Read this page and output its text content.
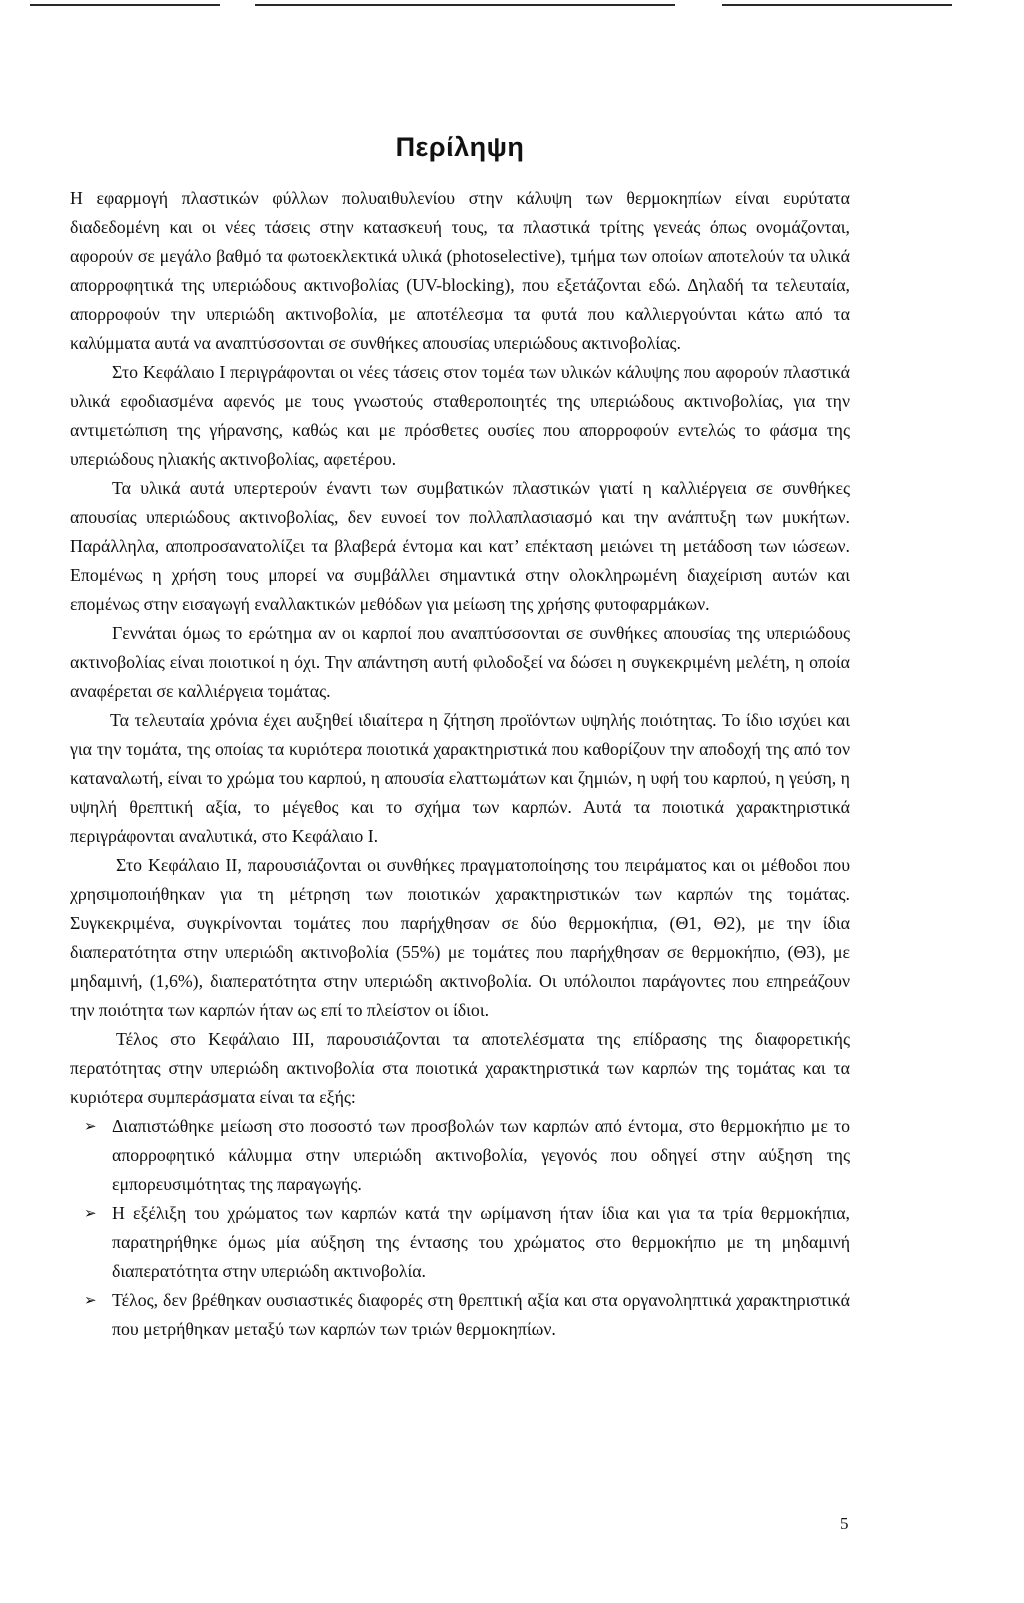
Περίληψη

Η εφαρμογή πλαστικών φύλλων πολυαιθυλενίου στην κάλυψη των θερμοκηπίων είναι ευρύτατα διαδεδομένη και οι νέες τάσεις στην κατασκευή τους, τα πλαστικά τρίτης γενεάς όπως ονομάζονται, αφορούν σε μεγάλο βαθμό τα φωτοεκλεκτικά υλικά (photoselective), τμήμα των οποίων αποτελούν τα υλικά απορροφητικά της υπεριώδους ακτινοβολίας (UV-blocking), που εξετάζονται εδώ. Δηλαδή τα τελευταία, απορροφούν την υπεριώδη ακτινοβολία, με αποτέλεσμα τα φυτά που καλλιεργούνται κάτω από τα καλύμματα αυτά να αναπτύσσονται σε συνθήκες απουσίας υπεριώδους ακτινοβολίας.

Στο Κεφάλαιο Ι περιγράφονται οι νέες τάσεις στον τομέα των υλικών κάλυψης που αφορούν πλαστικά υλικά εφοδιασμένα αφενός με τους γνωστούς σταθεροποιητές της υπεριώδους ακτινοβολίας, για την αντιμετώπιση της γήρανσης, καθώς και με πρόσθετες ουσίες που απορροφούν εντελώς το φάσμα της υπεριώδους ηλιακής ακτινοβολίας, αφετέρου.

Τα υλικά αυτά υπερτερούν έναντι των συμβατικών πλαστικών γιατί η καλλιέργεια σε συνθήκες απουσίας υπεριώδους ακτινοβολίας, δεν ευνοεί τον πολλαπλασιασμό και την ανάπτυξη των μυκήτων. Παράλληλα, αποπροσανατολίζει τα βλαβερά έντομα και κατ’ επέκταση μειώνει τη μετάδοση των ιώσεων. Επομένως η χρήση τους μπορεί να συμβάλλει σημαντικά στην ολοκληρωμένη διαχείριση αυτών και επομένως στην εισαγωγή εναλλακτικών μεθόδων για μείωση της χρήσης φυτοφαρμάκων.

Γεννάται όμως το ερώτημα αν οι καρποί που αναπτύσσονται σε συνθήκες απουσίας της υπεριώδους ακτινοβολίας είναι ποιοτικοί η όχι. Την απάντηση αυτή φιλοδοξεί να δώσει η συγκεκριμένη μελέτη, η οποία αναφέρεται σε καλλιέργεια τομάτας.

Τα τελευταία χρόνια έχει αυξηθεί ιδιαίτερα η ζήτηση προϊόντων υψηλής ποιότητας. Το ίδιο ισχύει και για την τομάτα, της οποίας τα κυριότερα ποιοτικά χαρακτηριστικά που καθορίζουν την αποδοχή της από τον καταναλωτή, είναι το χρώμα του καρπού, η απουσία ελαττωμάτων και ζημιών, η υφή του καρπού, η γεύση, η υψηλή θρεπτική αξία, το μέγεθος και το σχήμα των καρπών. Αυτά τα ποιοτικά χαρακτηριστικά περιγράφονται αναλυτικά, στο Κεφάλαιο Ι.

Στο Κεφάλαιο ΙΙ, παρουσιάζονται οι συνθήκες πραγματοποίησης του πειράματος και οι μέθοδοι που χρησιμοποιήθηκαν για τη μέτρηση των ποιοτικών χαρακτηριστικών των καρπών της τομάτας. Συγκεκριμένα, συγκρίνονται τομάτες που παρήχθησαν σε δύο θερμοκήπια, (Θ1, Θ2), με την ίδια διαπερατότητα στην υπεριώδη ακτινοβολία (55%) με τομάτες που παρήχθησαν σε θερμοκήπιο, (Θ3), με μηδαμινή, (1,6%), διαπερατότητα στην υπεριώδη ακτινοβολία. Οι υπόλοιποι παράγοντες που επηρεάζουν την ποιότητα των καρπών ήταν ως επί το πλείστον οι ίδιοι.

Τέλος στο Κεφάλαιο ΙΙΙ, παρουσιάζονται τα αποτελέσματα της επίδρασης της διαφορετικής περατότητας στην υπεριώδη ακτινοβολία στα ποιοτικά χαρακτηριστικά των καρπών της τομάτας και τα κυριότερα συμπεράσματα είναι τα εξής:

➢ Διαπιστώθηκε μείωση στο ποσοστό των προσβολών των καρπών από έντομα, στο θερμοκήπιο με το απορροφητικό κάλυμμα στην υπεριώδη ακτινοβολία, γεγονός που οδηγεί στην αύξηση της εμπορευσιμότητας της παραγωγής.
➢ Η εξέλιξη του χρώματος των καρπών κατά την ωρίμανση ήταν ίδια και για τα τρία θερμοκήπια, παρατηρήθηκε όμως μία αύξηση της έντασης του χρώματος στο θερμοκήπιο με τη μηδαμινή διαπερατότητα στην υπεριώδη ακτινοβολία.
➢ Τέλος, δεν βρέθηκαν ουσιαστικές διαφορές στη θρεπτική αξία και στα οργανοληπτικά χαρακτηριστικά που μετρήθηκαν μεταξύ των καρπών των τριών θερμοκηπίων.
5
